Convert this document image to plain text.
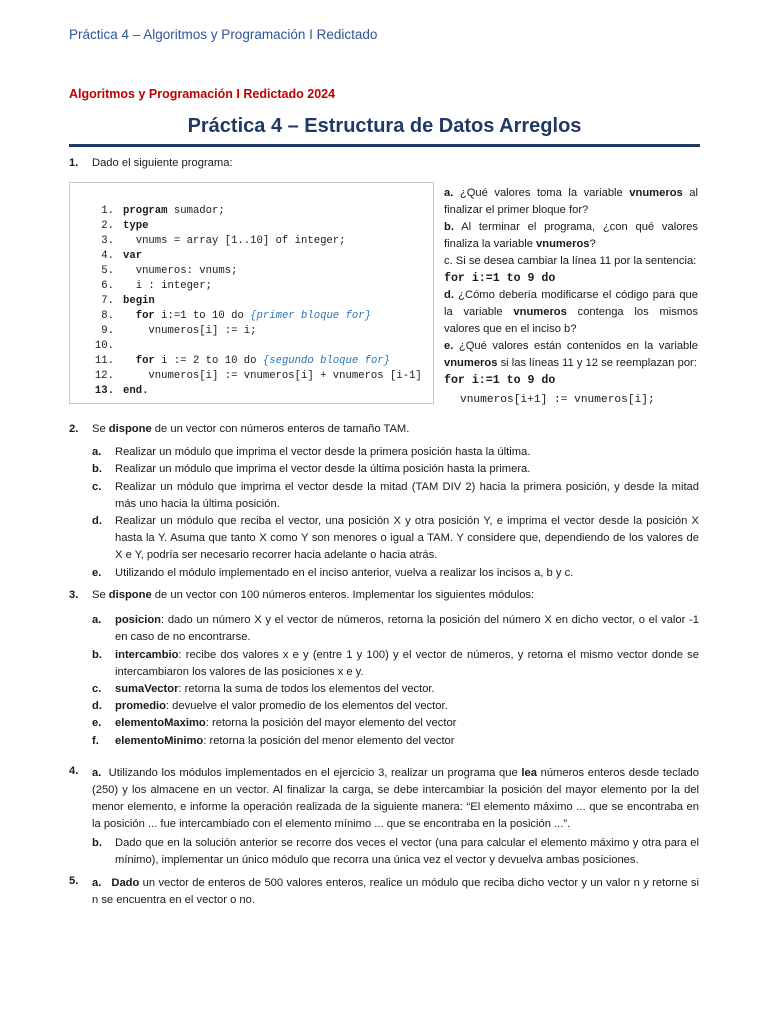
Práctica 4 – Algoritmos y Programación I Redictado
Algoritmos y Programación I Redictado 2024
Práctica 4 – Estructura de Datos Arreglos
1. Dado el siguiente programa:
1. program sumador;
2. type
3.  vnums = array [1..10] of integer;
4. var
5.  vnumeros: vnums;
6.  i : integer;
7. begin
8.  for i:=1 to 10 do {primer bloque for}
9.    vnumeros[i] := i;
10.
11.  for i := 2 to 10 do {segundo bloque for}
12.    vnumeros[i] := vnumeros[i] + vnumeros [i-1]
13. end.

a. ¿Qué valores toma la variable vnumeros al finalizar el primer bloque for?

b. Al terminar el programa, ¿con qué valores finaliza la variable vnumeros?

c. Si se desea cambiar la línea 11 por la sentencia:

for i:=1 to 9 do

d. ¿Cómo debería modificarse el código para que la variable vnumeros contenga los mismos valores que en el inciso b?

e. ¿Qué valores están contenidos en la variable vnumeros si las líneas 11 y 12 se reemplazan por:

for i:=1 to 9 do

vnumeros[i+1] := vnumeros[i];
2. Se dispone de un vector con números enteros de tamaño TAM.
a. Realizar un módulo que imprima el vector desde la primera posición hasta la última.
b. Realizar un módulo que imprima el vector desde la última posición hasta la primera.
c. Realizar un módulo que imprima el vector desde la mitad (TAM DIV 2) hacia la primera posición, y desde la mitad más uno hacia la última posición.
d. Realizar un módulo que reciba el vector, una posición X y otra posición Y, e imprima el vector desde la posición X hasta la Y. Asuma que tanto X como Y son menores o igual a TAM. Y considere que, dependiendo de los valores de X e Y, podría ser necesario recorrer hacia adelante o hacia atrás.
e. Utilizando el módulo implementado en el inciso anterior, vuelva a realizar los incisos a, b y c.
3. Se dispone de un vector con 100 números enteros. Implementar los siguientes módulos:
a. posicion: dado un número X y el vector de números, retorna la posición del número X en dicho vector, o el valor -1 en caso de no encontrarse.
b. intercambio: recibe dos valores x e y (entre 1 y 100) y el vector de números, y retorna el mismo vector donde se intercambiaron los valores de las posiciones x e y.
c. sumaVector: retorna la suma de todos los elementos del vector.
d. promedio: devuelve el valor promedio de los elementos del vector.
e. elementoMaximo: retorna la posición del mayor elemento del vector
f. elementoMinimo: retorna la posición del menor elemento del vector
4. a. Utilizando los módulos implementados en el ejercicio 3, realizar un programa que lea números enteros desde teclado (250) y los almacene en un vector. Al finalizar la carga, se debe intercambiar la posición del mayor elemento por la del menor elemento, e informe la operación realizada de la siguiente manera: “El elemento máximo ... que se encontraba en la posición ... fue intercambiado con el elemento mínimo ... que se encontraba en la posición ...”.
b. Dado que en la solución anterior se recorre dos veces el vector (una para calcular el elemento máximo y otra para el mínimo), implementar un único módulo que recorra una única vez el vector y devuelva ambas posiciones.
5. a. Dado un vector de enteros de 500 valores enteros, realice un módulo que reciba dicho vector y un valor n y retorne si n se encuentra en el vector o no.
